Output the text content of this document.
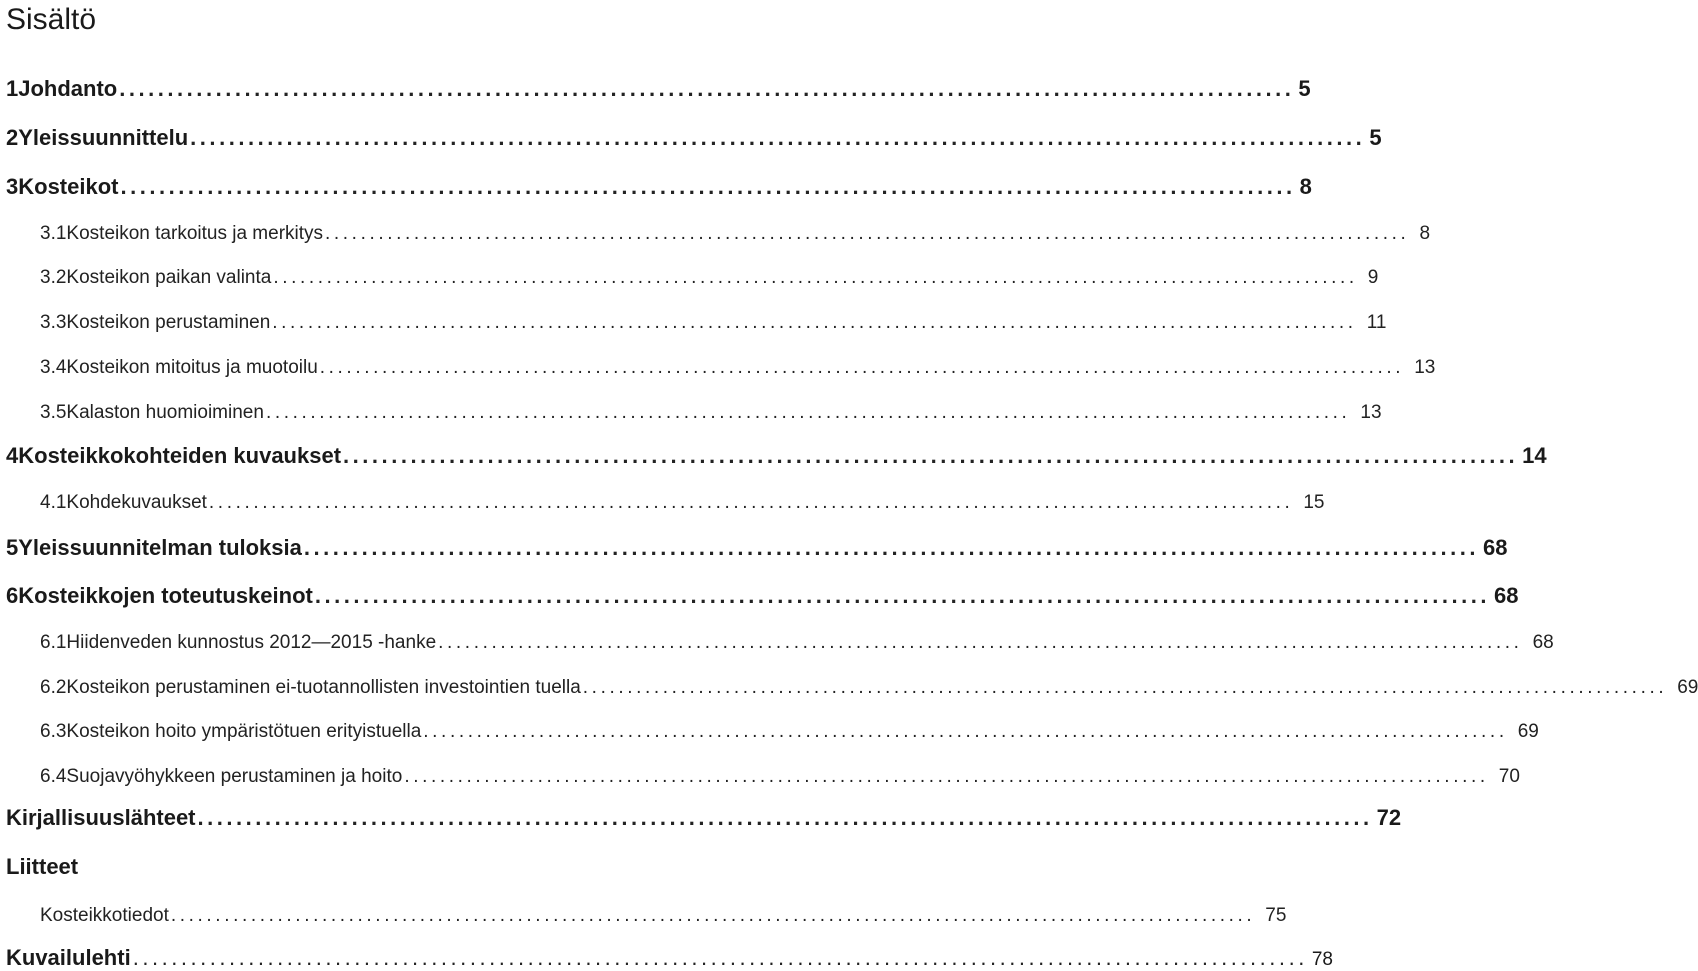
Sisältö
1 Johdanto .......................................................................................................................... 5
2 Yleissuunnittelu .......................................................................................................................... 5
3 Kosteikot .......................................................................................................................... 8
3.1 Kosteikon tarkoitus ja merkitys .......................................................................................................................... 8
3.2 Kosteikon paikan valinta .......................................................................................................................... 9
3.3 Kosteikon perustaminen .......................................................................................................................... 11
3.4 Kosteikon mitoitus ja muotoilu .......................................................................................................................... 13
3.5 Kalaston huomioiminen .......................................................................................................................... 13
4 Kosteikkokohteiden kuvaukset .......................................................................................................................... 14
4.1 Kohdekuvaukset .......................................................................................................................... 15
5 Yleissuunnitelman tuloksia .......................................................................................................................... 68
6 Kosteikkojen toteutuskeinot .......................................................................................................................... 68
6.1 Hiidenveden kunnostus 2012—2015 -hanke .......................................................................................................................... 68
6.2 Kosteikon perustaminen ei-tuotannollisten investointien tuella .......................................................................................................................... 69
6.3 Kosteikon hoito ympäristötuen erityistuella .......................................................................................................................... 69
6.4 Suojavyöhykkeen perustaminen ja hoito .......................................................................................................................... 70
Kirjallisuuslähteet .......................................................................................................................... 72
Liitteet
Kosteikkotiedot .......................................................................................................................... 75
Kuvailulehti .......................................................................................................................... 78
